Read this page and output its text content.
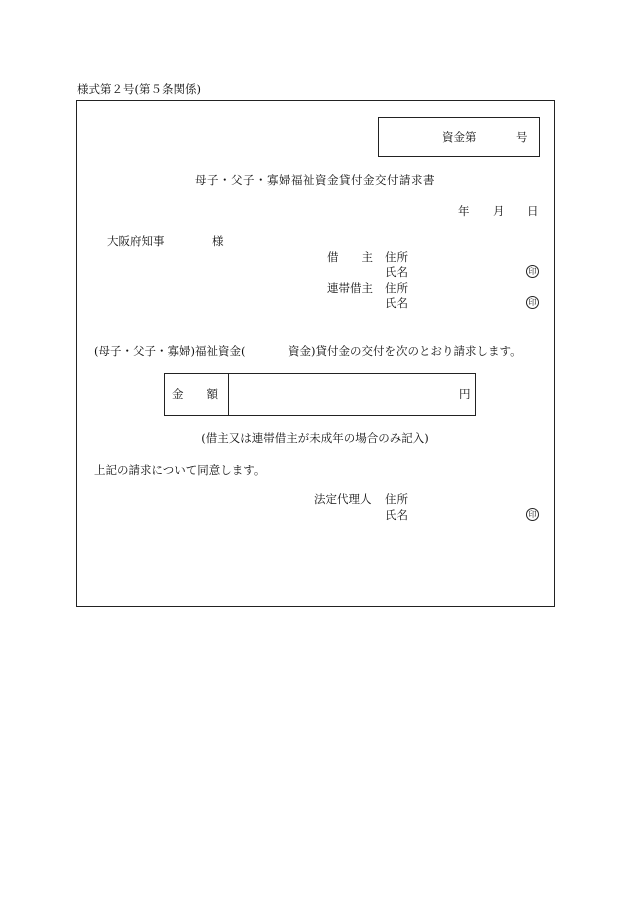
様式第２号(第５条関係)
資金第	号
母子・父子・寡婦福祉資金貸付金交付請求書
年 月 日
大阪府知事	様
借　　主 住所
氏名	印
連帯借主 住所
氏名	印
(母子・父子・寡婦)福祉資金(	資金)貸付金の交付を次のとおり請求します。
金　　額	円
(借主又は連帯借主が未成年の場合のみ記入)
上記の請求について同意します。
法定代理人 住所
氏名	印
